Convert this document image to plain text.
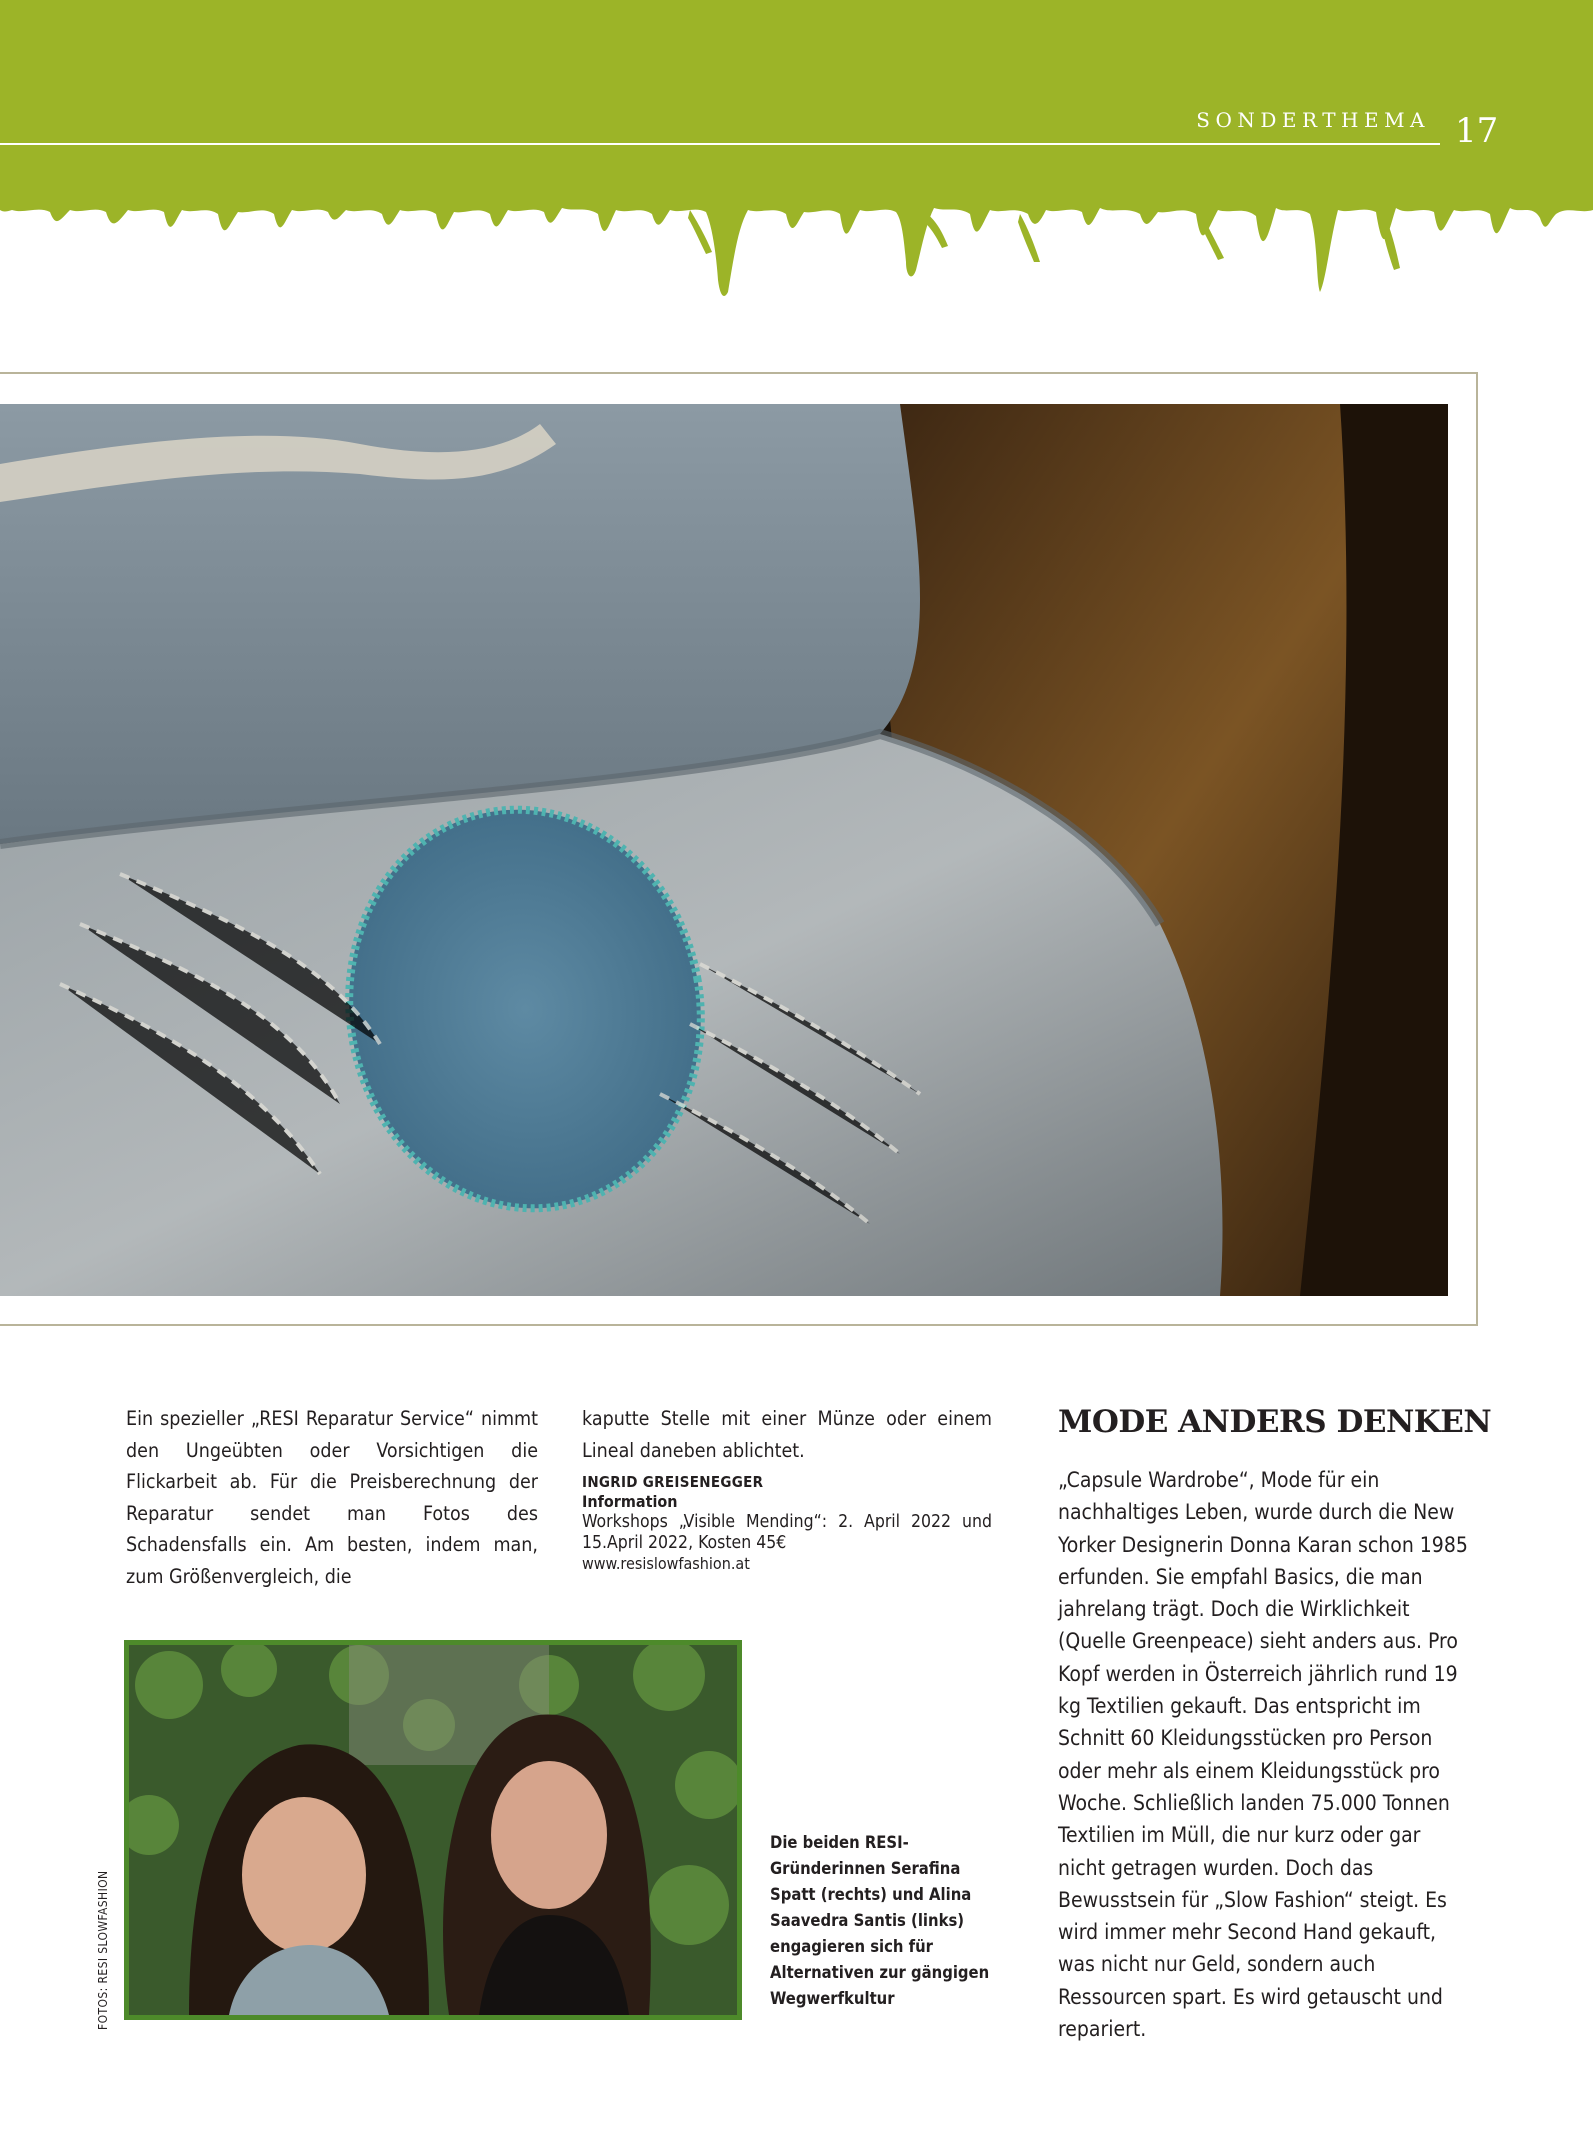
SONDERTHEMA 17

Ein spezieller „RESI Reparatur Service“ nimmt den Ungeübten oder Vorsichtigen die Flickarbeit ab. Für die Preisberechnung der Reparatur sendet man Fotos des Schadensfalls ein. Am besten, indem man, zum Größenvergleich, die

kaputte Stelle mit einer Münze oder einem Lineal daneben ablichtet.

INGRID GREISENEGGER
Information
Workshops „Visible Mending“: 2. April 2022 und 15.April 2022, Kosten 45€
www.resislowfashion.at
MODE ANDERS DENKEN
„Capsule Wardrobe“, Mode für ein nachhaltiges Leben, wurde durch die New Yorker Designerin Donna Karan schon 1985 erfunden. Sie empfahl Basics, die man jahrelang trägt. Doch die Wirklichkeit (Quelle Greenpeace) sieht anders aus. Pro Kopf werden in Österreich jährlich rund 19 kg Textilien gekauft. Das entspricht im Schnitt 60 Kleidungsstücken pro Person oder mehr als einem Kleidungsstück pro Woche. Schließlich landen 75.000 Tonnen Textilien im Müll, die nur kurz oder gar nicht getragen wurden. Doch das Bewusstsein für „Slow Fashion“ steigt. Es wird immer mehr Second Hand gekauft, was nicht nur Geld, sondern auch Ressourcen spart. Es wird getauscht und repariert.
FOTOS: RESI SLOWFASHION
Die beiden RESI-Gründerinnen Serafina Spatt (rechts) und Alina Saavedra Santis (links) engagieren sich für Alternativen zur gängigen Wegwerfkultur
